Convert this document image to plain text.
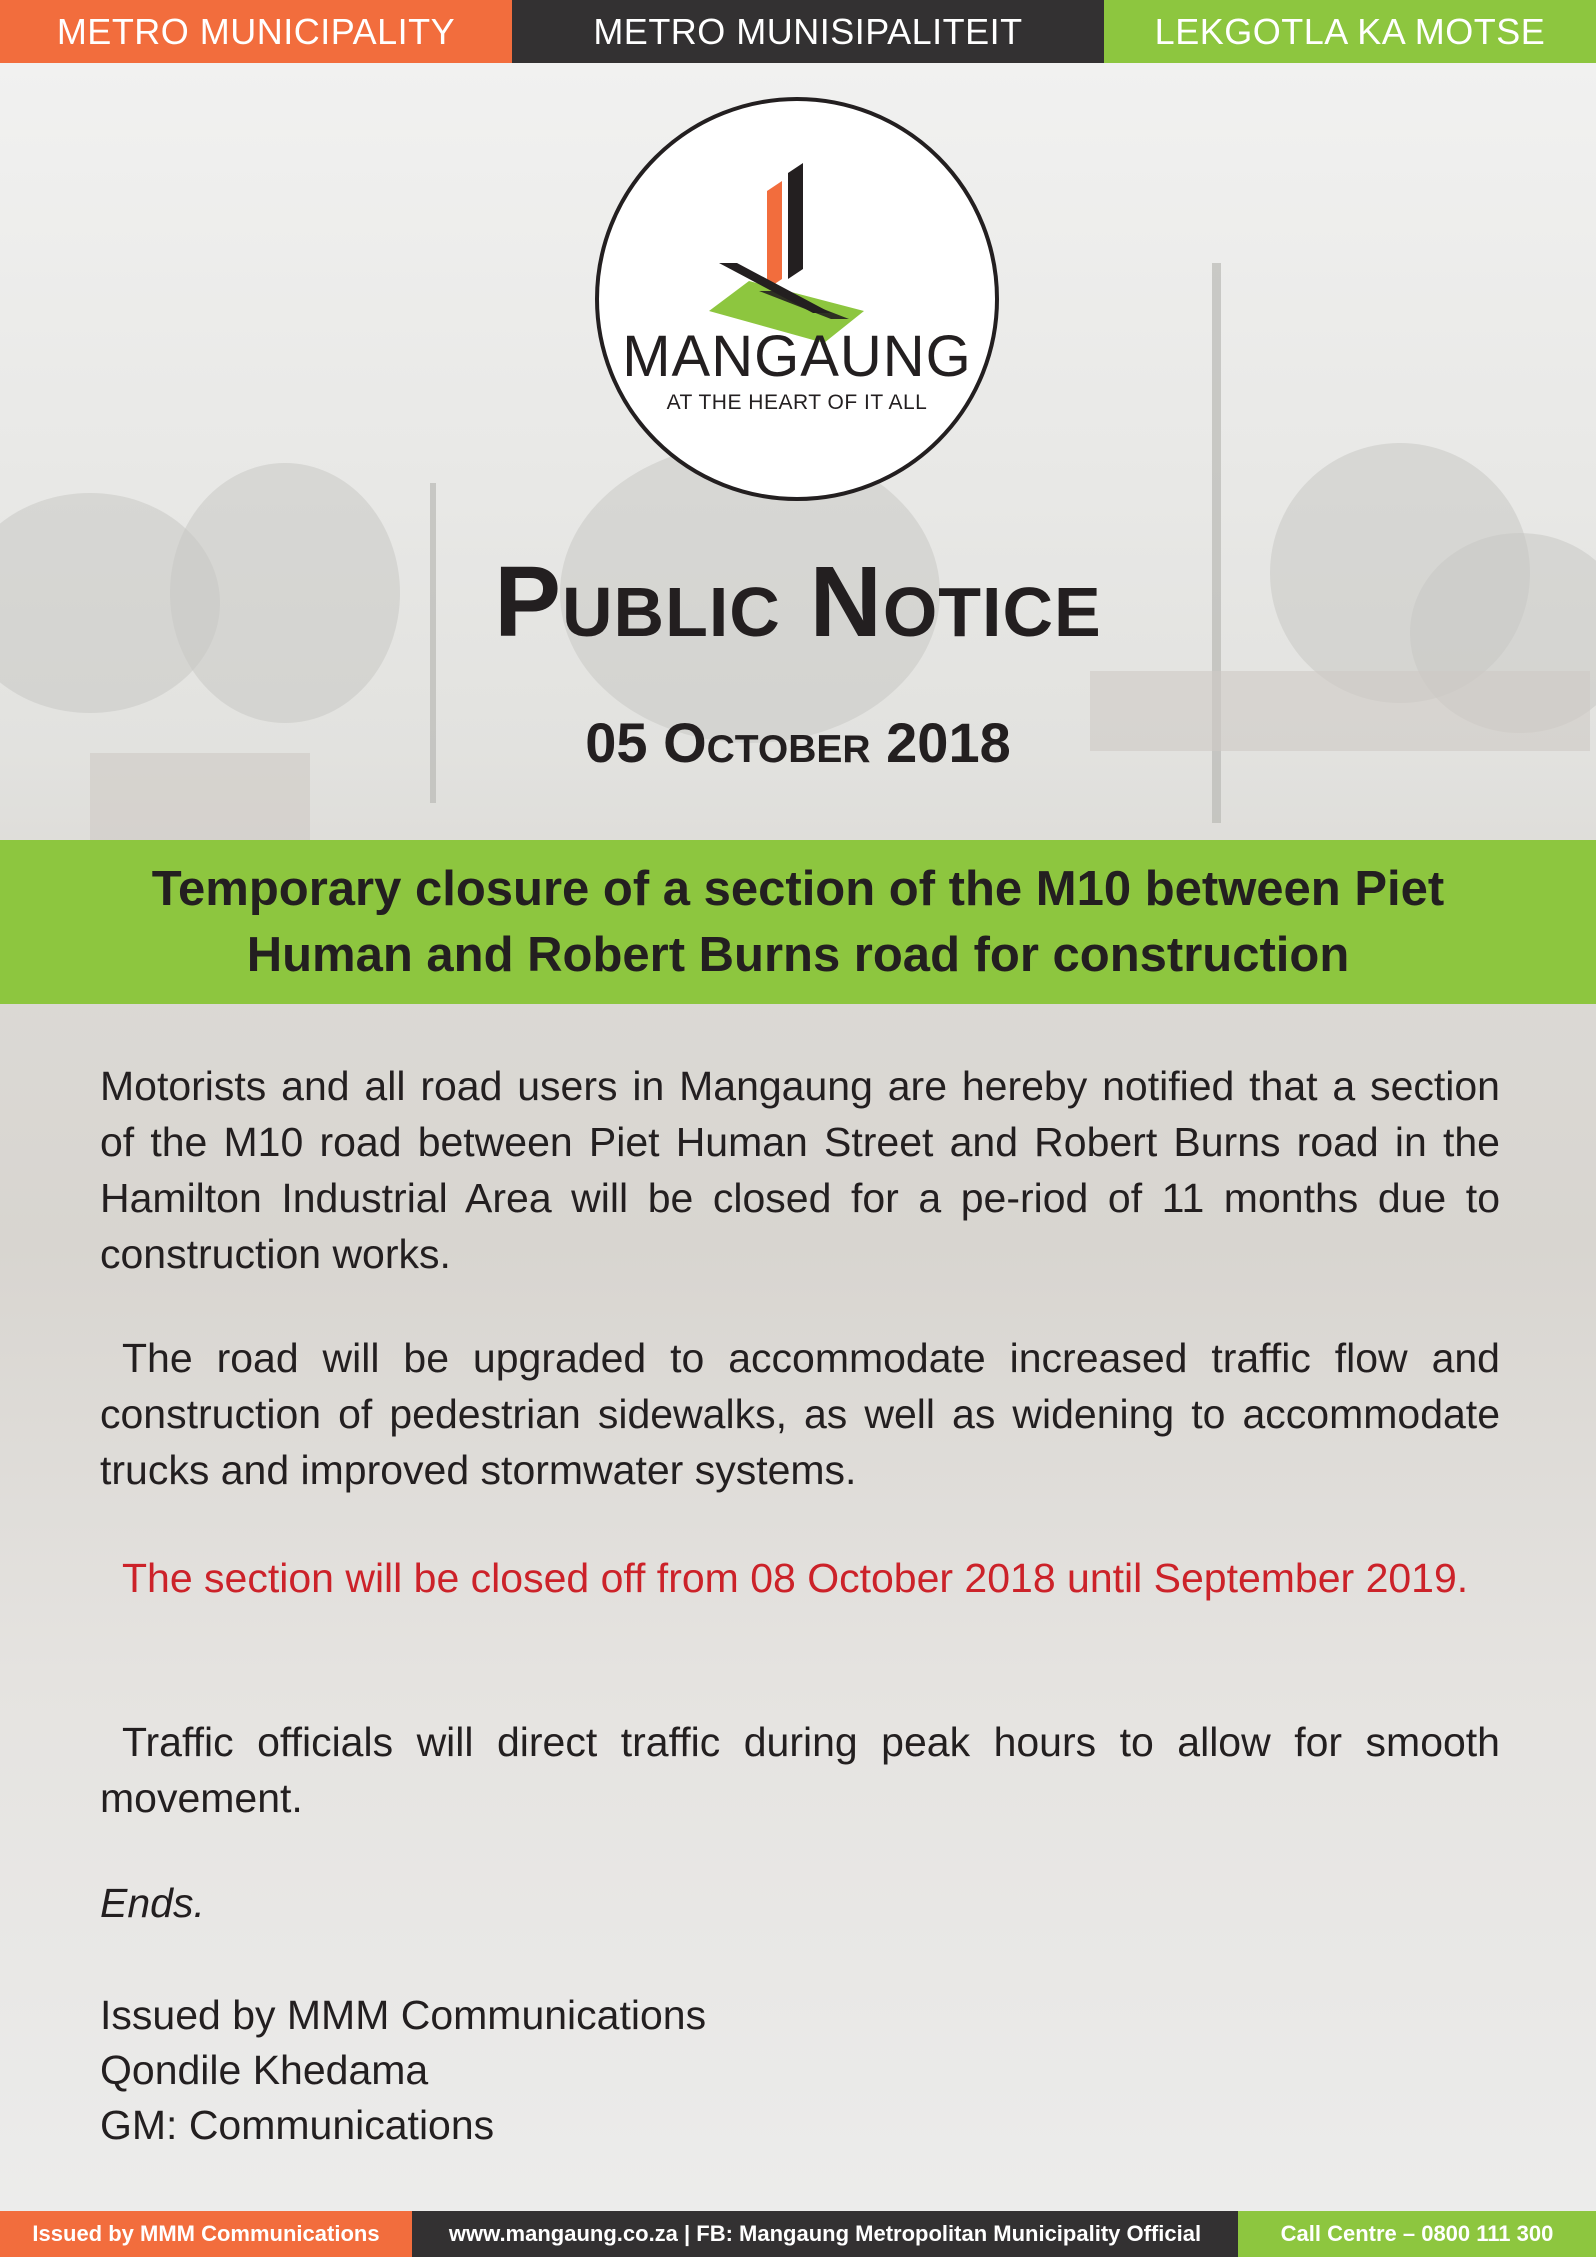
METRO MUNICIPALITY	METRO MUNISIPALITEIT	LEKGOTLA KA MOTSE
MANGAUNG
AT THE HEART OF IT ALL
Public Notice
05 October 2018
Temporary closure of a section of the M10 between Piet Human and Robert Burns road for construction

Motorists and all road users in Mangaung are hereby notified that a section of the M10 road between Piet Human Street and Robert Burns road in the Hamilton Industrial Area will be closed for a pe-riod of 11 months due to construction works.

The road will be upgraded to accommodate increased traffic flow and construction of pedestrian sidewalks, as well as widening to accommodate trucks and improved stormwater systems.

The section will be closed off from 08 October 2018 until September 2019.

Traffic officials will direct traffic during peak hours to allow for smooth movement.

Ends.
Issued by MMM Communications
Qondile Khedama
GM: Communications
Issued by MMM Communications	www.mangaung.co.za | FB: Mangaung Metropolitan Municipality Official	Call Centre – 0800 111 300
